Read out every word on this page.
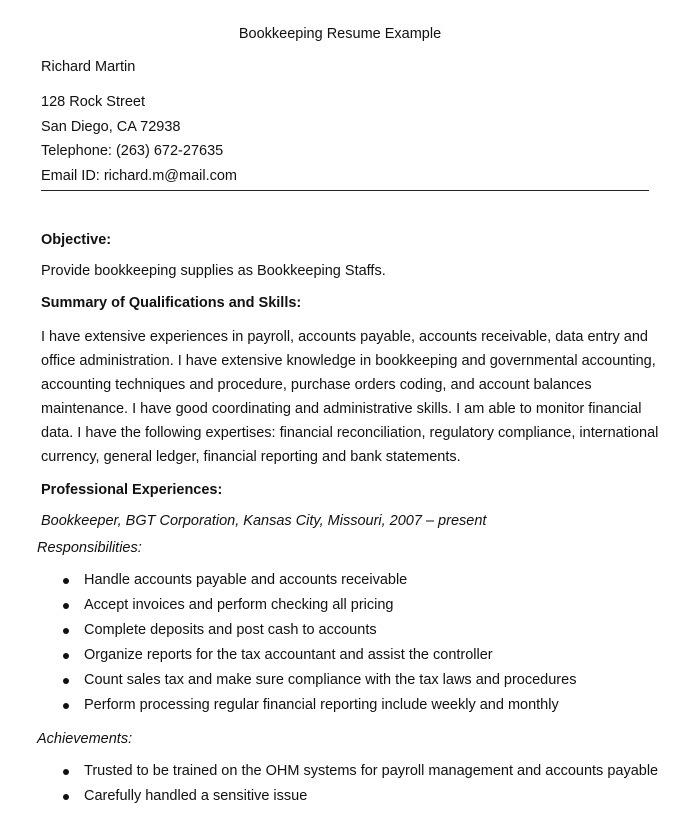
Bookkeeping Resume Example
Richard Martin
128 Rock Street
San Diego, CA 72938
Telephone: (263) 672-27635
Email ID: richard.m@mail.com
Objective:
Provide bookkeeping supplies as Bookkeeping Staffs.
Summary of Qualifications and Skills:
I have extensive experiences in payroll, accounts payable, accounts receivable, data entry and
office administration. I have extensive knowledge in bookkeeping and governmental accounting,
accounting techniques and procedure, purchase orders coding, and account balances
maintenance. I have good coordinating and administrative skills. I am able to monitor financial
data. I have the following expertises: financial reconciliation, regulatory compliance, international
currency, general ledger, financial reporting and bank statements.
Professional Experiences:
Bookkeeper, BGT Corporation, Kansas City, Missouri, 2007 – present
Responsibilities:
Handle accounts payable and accounts receivable
Accept invoices and perform checking all pricing
Complete deposits and post cash to accounts
Organize reports for the tax accountant and assist the controller
Count sales tax and make sure compliance with the tax laws and procedures
Perform processing regular financial reporting include weekly and monthly
Achievements:
Trusted to be trained on the OHM systems for payroll management and accounts payable
Carefully handled a sensitive issue
